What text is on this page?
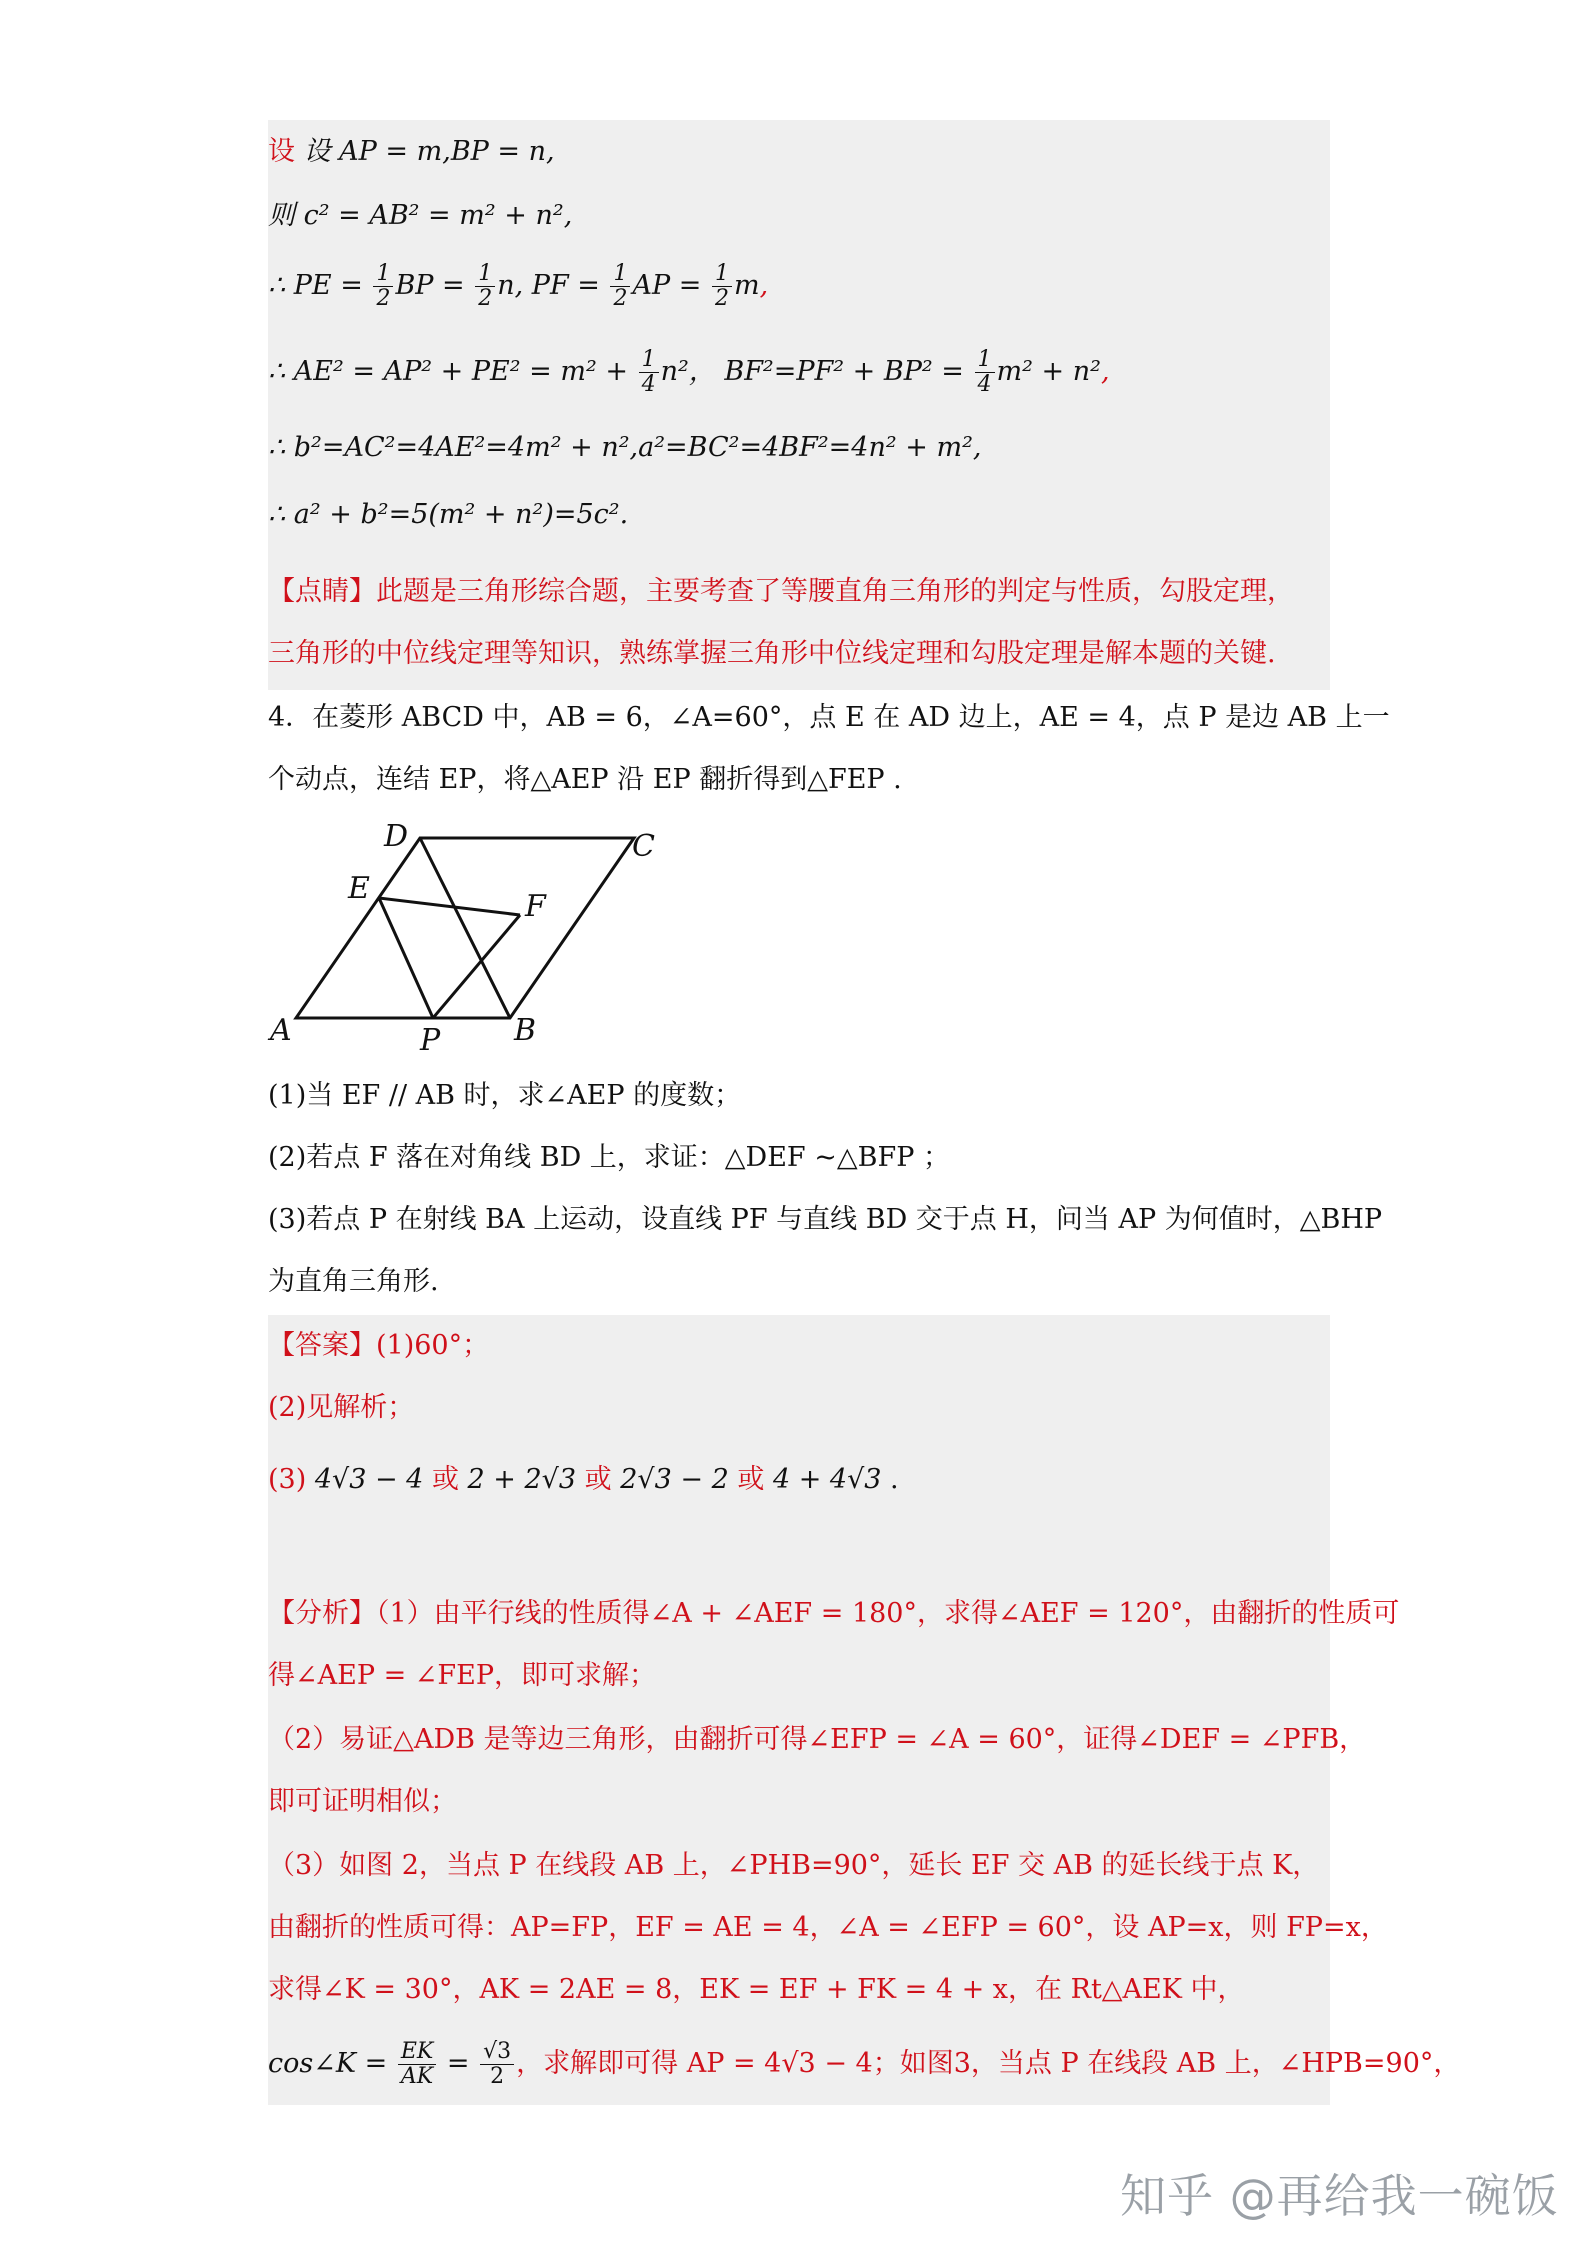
设 设 AP = m,BP = n,
则 c² = AB² = m² + n²,
∴ PE = $\frac{1}{2}$ BP = $\frac{1}{2} n$, PF = $\frac{1}{2}$ AP = $\frac{1}{2} m$,
∴ $AE^2 = AP^2 + PE^2 = m^2 + \frac{1}{4} n^2$， $BF^2=PF^2 + BP^2 = \frac{1}{4} m^2 + n^2$,
∴ b²=AC²=4AE²=4m² + n²,a²=BC²=4BF²=4n² + m²,
∴ a² + b²=5(m² + n²)=5c².
【点睛】此题是三角形综合题，主要考查了等腰直角三角形的判定与性质，勾股定理，
三角形的中位线定理等知识，熟练掌握三角形中位线定理和勾股定理是解本题的关键.
4．在菱形 ABCD 中，AB = 6，∠A=60°，点 E 在 AD 边上，AE = 4，点 P 是边 AB 上一
个动点，连结 EP，将△AEP 沿 EP 翻折得到△FEP .
A	B
C
D
E
F
P
(1)当 EF // AB 时，求∠AEP 的度数；
(2)若点 F 落在对角线 BD 上，求证：△DEF ~△BFP ；
(3)若点 P 在射线 BA 上运动，设直线 PF 与直线 BD 交于点 H，问当 AP 为何值时，△BHP
为直角三角形.
【答案】(1)60°；
(2)见解析；
(3) 4√3 − 4 或 2 + 2√3 或 2√3 − 2 或 4 + 4√3 .
【分析】（1）由平行线的性质得∠A + ∠AEF = 180°，求得∠AEF = 120°，由翻折的性质可
得∠AEP = ∠FEP，即可求解；
（2）易证△ADB 是等边三角形，由翻折可得∠EFP = ∠A = 60°，证得∠DEF = ∠PFB，
即可证明相似；
（3）如图 2，当点 P 在线段 AB 上，∠PHB=90°，延长 EF 交 AB 的延长线于点 K，
由翻折的性质可得：AP=FP，EF = AE = 4，∠A = ∠EFP = 60°，设 AP=x，则 FP=x，
求得∠K = 30°，AK = 2AE = 8，EK = EF + FK = 4 + x，在 Rt△AEK 中，
cos∠K = $\frac{EK}{AK} = \frac{√3}{2}$ ，求解即可得 AP = 4√3 − 4；如图3，当点 P 在线段 AB 上，∠HPB=90°，
知乎 @再给我一碗饭
